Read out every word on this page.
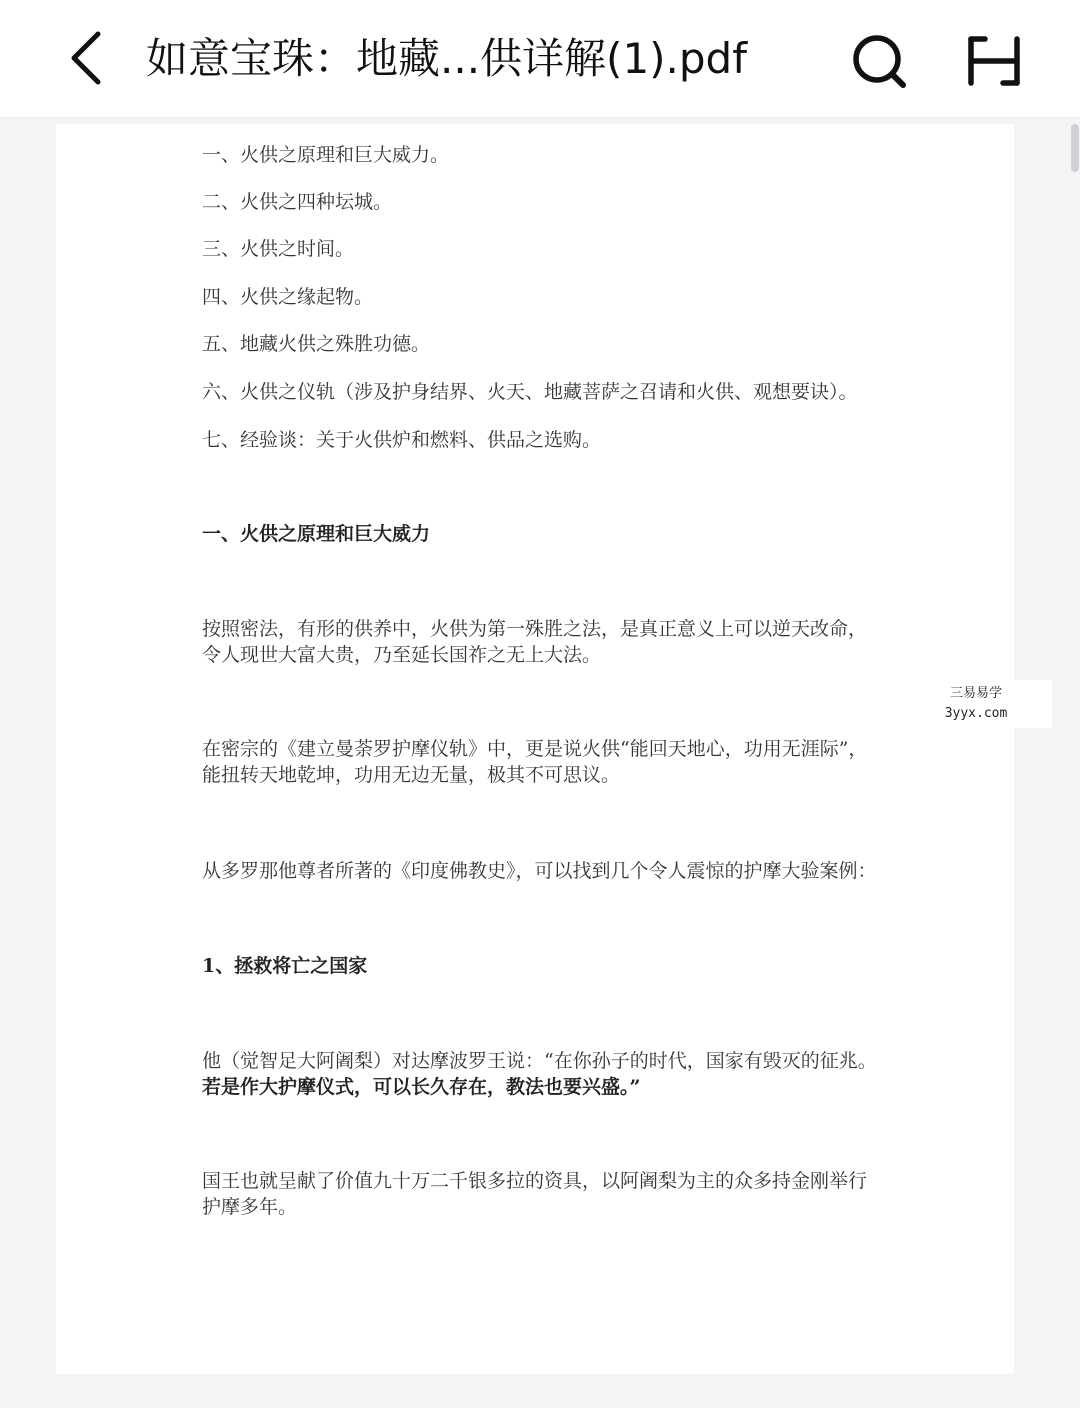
如意宝珠：地藏...供详解(1).pdf
一、火供之原理和巨大威力。
二、火供之四种坛城。
三、火供之时间。
四、火供之缘起物。
五、地藏火供之殊胜功德。
六、火供之仪轨（涉及护身结界、火天、地藏菩萨之召请和火供、观想要诀）。
七、经验谈：关于火供炉和燃料、供品之选购。
一、火供之原理和巨大威力
按照密法，有形的供养中，火供为第一殊胜之法，是真正意义上可以逆天改命，
令人现世大富大贵，乃至延长国祚之无上大法。
在密宗的《建立曼荼罗护摩仪轨》中，更是说火供“能回天地心，功用无涯际”，
能扭转天地乾坤，功用无边无量，极其不可思议。
从多罗那他尊者所著的《印度佛教史》，可以找到几个令人震惊的护摩大验案例：
1、拯救将亡之国家
他（觉智足大阿阇梨）对达摩波罗王说：“在你孙子的时代，国家有毁灭的征兆。
若是作大护摩仪式，可以长久存在，教法也要兴盛。”
国王也就呈献了价值九十万二千银多拉的资具，以阿阇梨为主的众多持金刚举行
护摩多年。
三易易学
3yyx.com
